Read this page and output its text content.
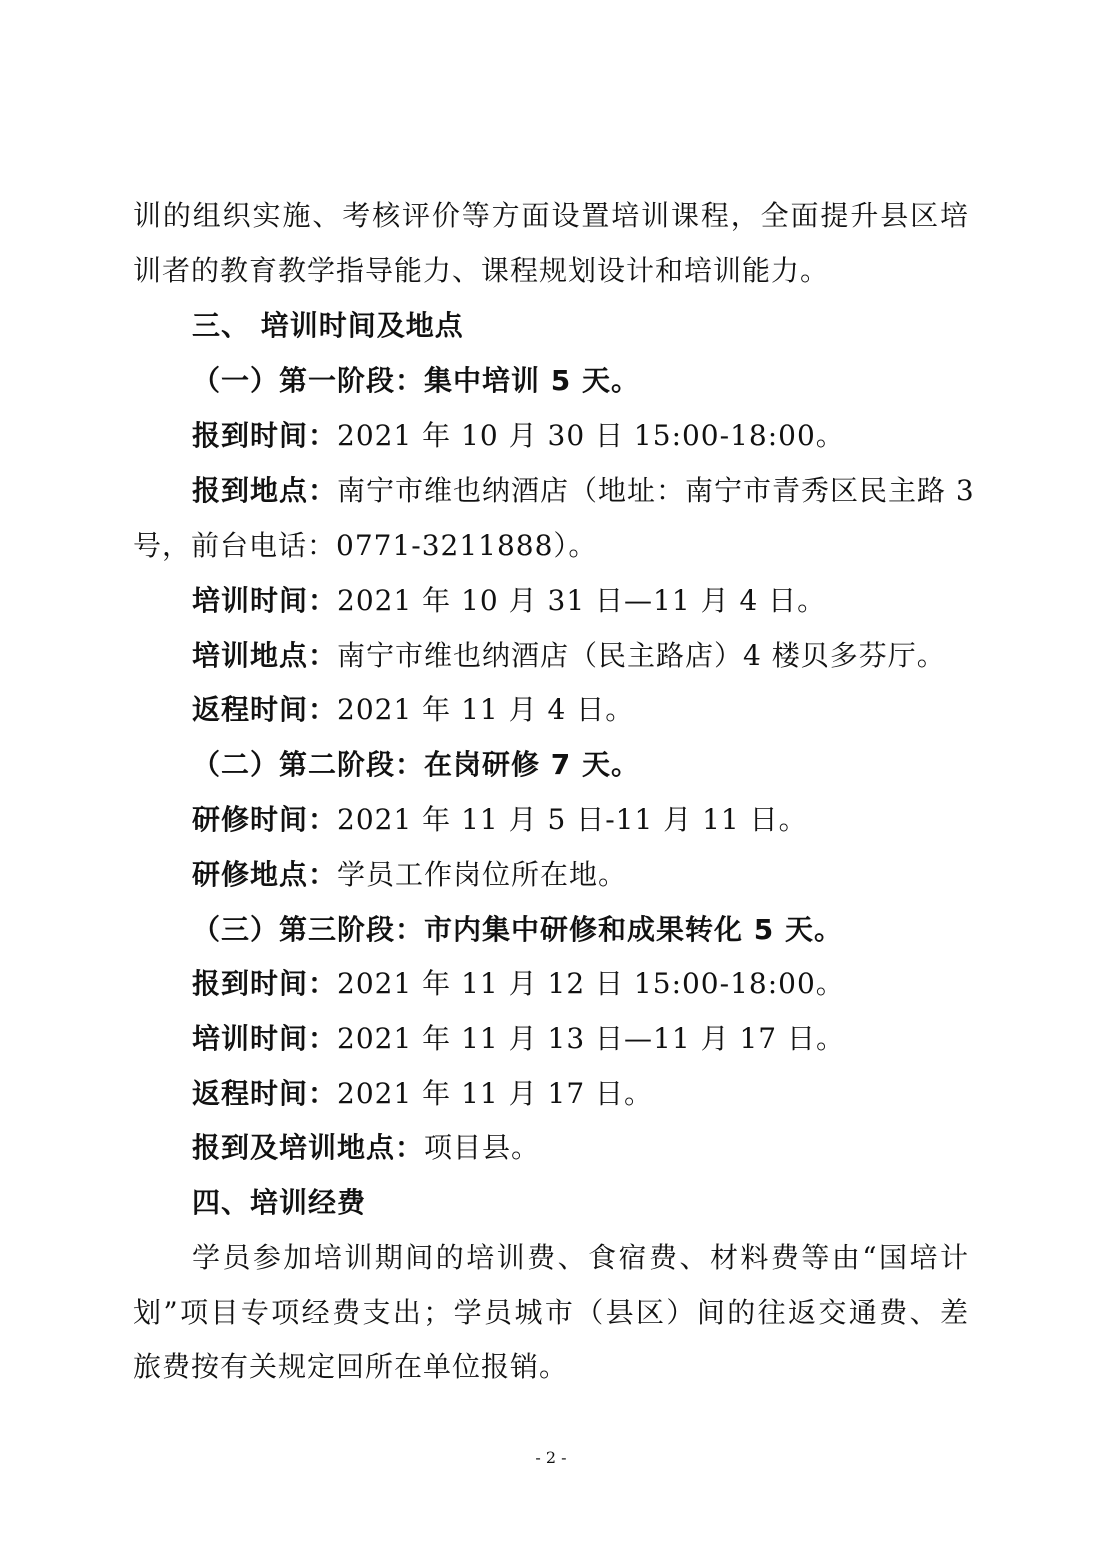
训的组织实施、考核评价等方面设置培训课程，全面提升县区培
训者的教育教学指导能力、课程规划设计和培训能力。
三、 培训时间及地点
（一）第一阶段：集中培训 5 天。
报到时间：2021 年 10 月 30 日 15:00-18:00。
报到地点：南宁市维也纳酒店（地址：南宁市青秀区民主路 3
号，前台电话：0771-3211888）。
培训时间：2021 年 10 月 31 日—11 月 4 日。
培训地点：南宁市维也纳酒店（民主路店）4 楼贝多芬厅。
返程时间：2021 年 11 月 4 日。
（二）第二阶段：在岗研修 7 天。
研修时间：2021 年 11 月 5 日-11 月 11 日。
研修地点：学员工作岗位所在地。
（三）第三阶段：市内集中研修和成果转化 5 天。
报到时间：2021 年 11 月 12 日 15:00-18:00。
培训时间：2021 年 11 月 13 日—11 月 17 日。
返程时间：2021 年 11 月 17 日。
报到及培训地点：项目县。
四、培训经费
学员参加培训期间的培训费、食宿费、材料费等由“国培计
划”项目专项经费支出；学员城市（县区）间的往返交通费、差
旅费按有关规定回所在单位报销。
- 2 -
